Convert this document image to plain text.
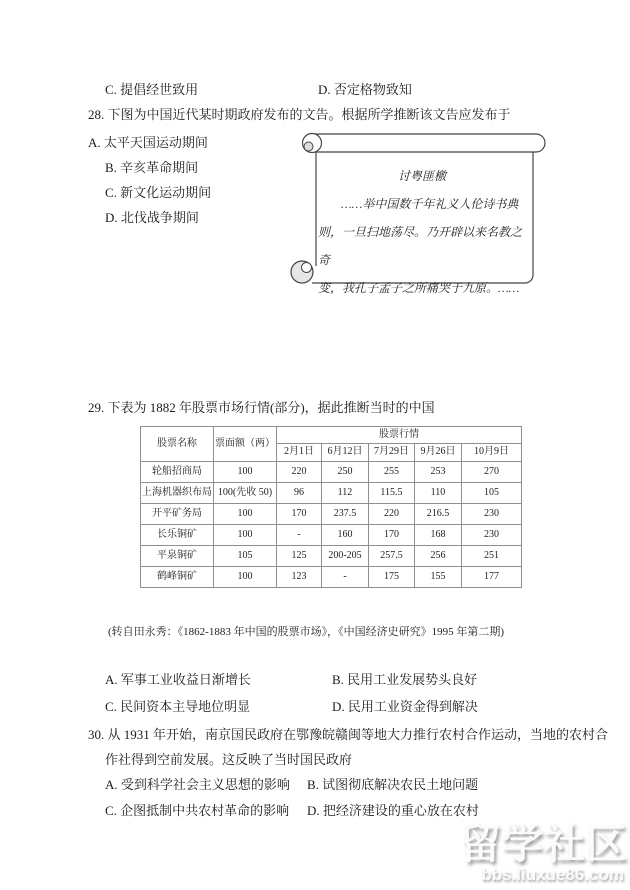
C. 提倡经世致用	D. 否定格物致知
28. 下图为中国近代某时期政府发布的文告。根据所学推断该文告应发布于
A. 太平天国运动期间
B. 辛亥革命期间
C. 新文化运动期间
D. 北伐战争期间
讨粤匪檄
……举中国数千年礼义人伦诗书典
则，一旦扫地荡尽。乃开辟以来名教之奇
变，我孔子孟子之所痛哭于九原。……
29. 下表为 1882 年股票市场行情(部分)，据此推断当时的中国
股票名称	票面额（两）	股票行情				
		2月1日	6月12日	7月29日	9月26日	10月9日
轮船招商局	100	220	250	255	253	270
上海机器织布局	100(先收 50)	96	112	115.5	110	105
开平矿务局	100	170	237.5	220	216.5	230
长乐铜矿	100	-	160	170	168	230
平泉铜矿	105	125	200-205	257.5	256	251
鹤峰铜矿	100	123	-	175	155	177
(转自田永秀：《1862-1883 年中国的股票市场》，《中国经济史研究》1995 年第二期)
A. 军事工业收益日渐增长	B. 民用工业发展势头良好
C. 民间资本主导地位明显	D. 民用工业资金得到解决
30. 从 1931 年开始，南京国民政府在鄂豫皖赣闽等地大力推行农村合作运动，当地的农村合
作社得到空前发展。这反映了当时国民政府
A. 受到科学社会主义思想的影响 B. 试图彻底解决农民土地问题
C. 企图抵制中共农村革命的影响 D. 把经济建设的重心放在农村
留学社区
bbs.liuxue86.com
